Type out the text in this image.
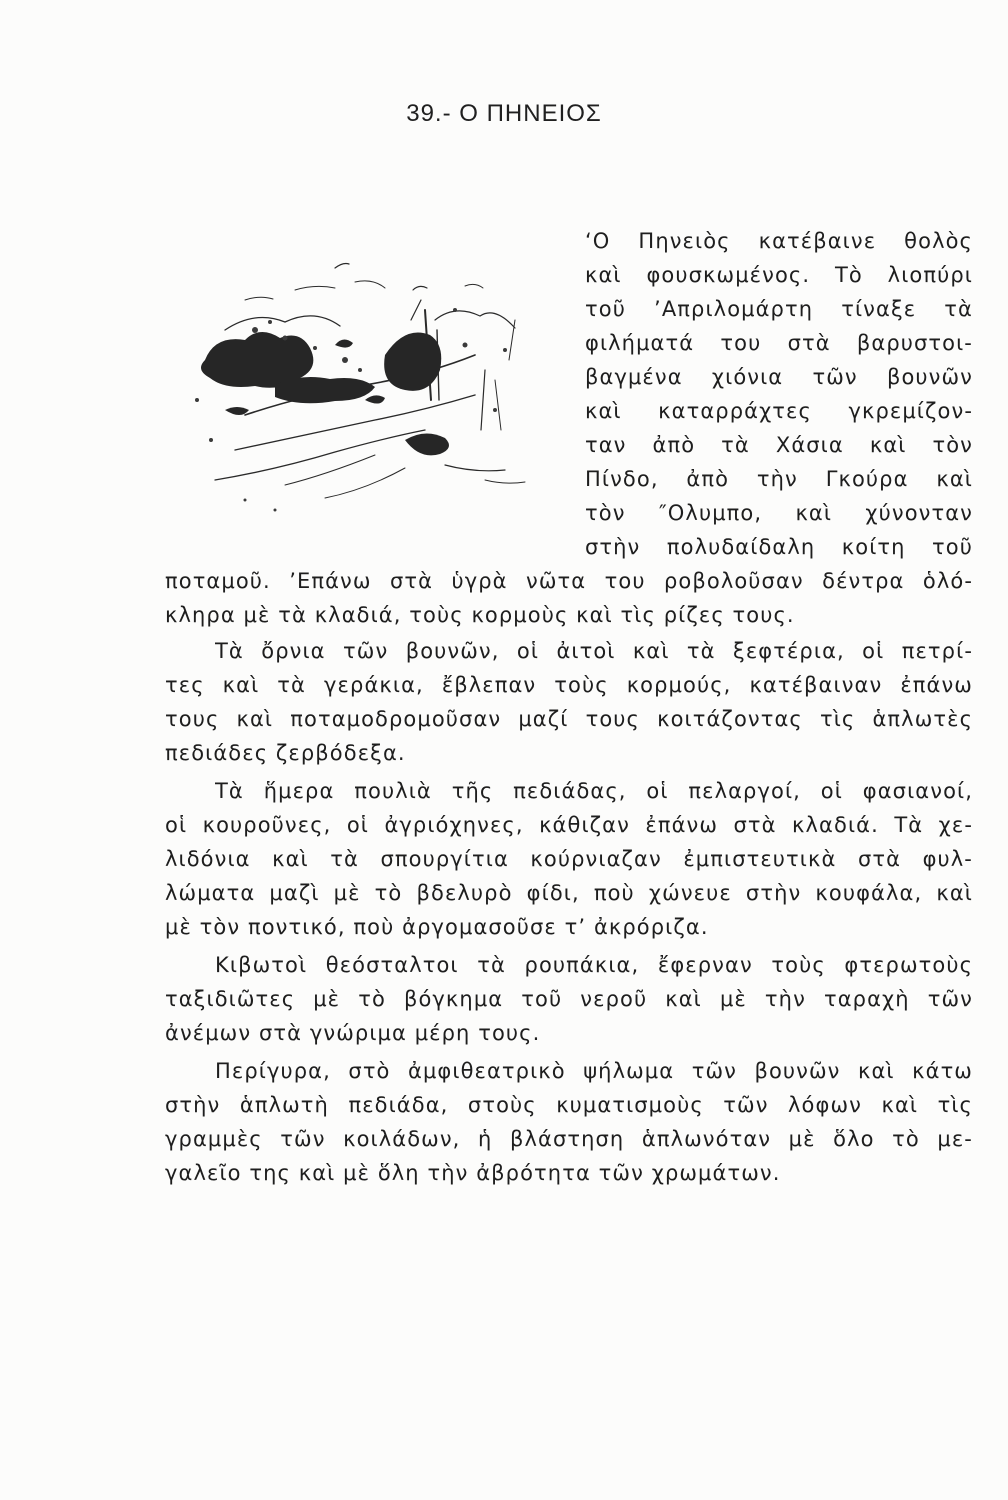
39.- Ο ΠΗΝΕΙΟΣ
‘Ο Πηνειὸς κατέβαινε θολὸς
καὶ φουσκωμένος. Τὸ λιοπύρι
τοῦ ’Απριλομάρτη τίναξε τὰ
φιλήματά του στὰ βαρυστοι-
βαγμένα χιόνια τῶν βουνῶν
καὶ καταρράχτες γκρεμίζον-
ταν ἀπὸ τὰ Χάσια καὶ τὸν
Πίνδο, ἀπὸ τὴν Γκούρα καὶ
τὸν ″Ολυμπο, καὶ χύνονταν
στὴν πολυδαίδαλη κοίτη τοῦ
ποταμοῦ. ’Επάνω στὰ ὑγρὰ νῶτα του ροβολοῦσαν δέντρα ὁλό-
κληρα μὲ τὰ κλαδιά, τοὺς κορμοὺς καὶ τὶς ρίζες τους.
Τὰ ὄρνια τῶν βουνῶν, οἱ ἀιτοὶ καὶ τὰ ξεφτέρια, οἱ πετρί-
τες καὶ τὰ γεράκια, ἔβλεπαν τοὺς κορμούς, κατέβαιναν ἐπάνω
τους καὶ ποταμοδρομοῦσαν μαζί τους κοιτάζοντας τὶς ἁπλωτὲς
πεδιάδες ζερβόδεξα.
Τὰ ἥμερα πουλιὰ τῆς πεδιάδας, οἱ πελαργοί, οἱ φασιανοί,
οἱ κουροῦνες, οἱ ἀγριόχηνες, κάθιζαν ἐπάνω στὰ κλαδιά. Τὰ χε-
λιδόνια καὶ τὰ σπουργίτια κούρνιαζαν ἐμπιστευτικὰ στὰ φυλ-
λώματα μαζὶ μὲ τὸ βδελυρὸ φίδι, ποὺ χώνευε στὴν κουφάλα, καὶ
μὲ τὸν ποντικό, ποὺ ἀργομασοῦσε τ’ ἀκρόριζα.
Κιβωτοὶ θεόσταλτοι τὰ ρουπάκια, ἔφερναν τοὺς φτερωτοὺς
ταξιδιῶτες μὲ τὸ βόγκημα τοῦ νεροῦ καὶ μὲ τὴν ταραχὴ τῶν
ἀνέμων στὰ γνώριμα μέρη τους.
Περίγυρα, στὸ ἀμφιθεατρικὸ ψήλωμα τῶν βουνῶν καὶ κάτω
στὴν ἁπλωτὴ πεδιάδα, στοὺς κυματισμοὺς τῶν λόφων καὶ τὶς
γραμμὲς τῶν κοιλάδων, ἡ βλάστηση ἁπλωνόταν μὲ ὅλο τὸ με-
γαλεῖο της καὶ μὲ ὅλη τὴν ἀβρότητα τῶν χρωμάτων.
